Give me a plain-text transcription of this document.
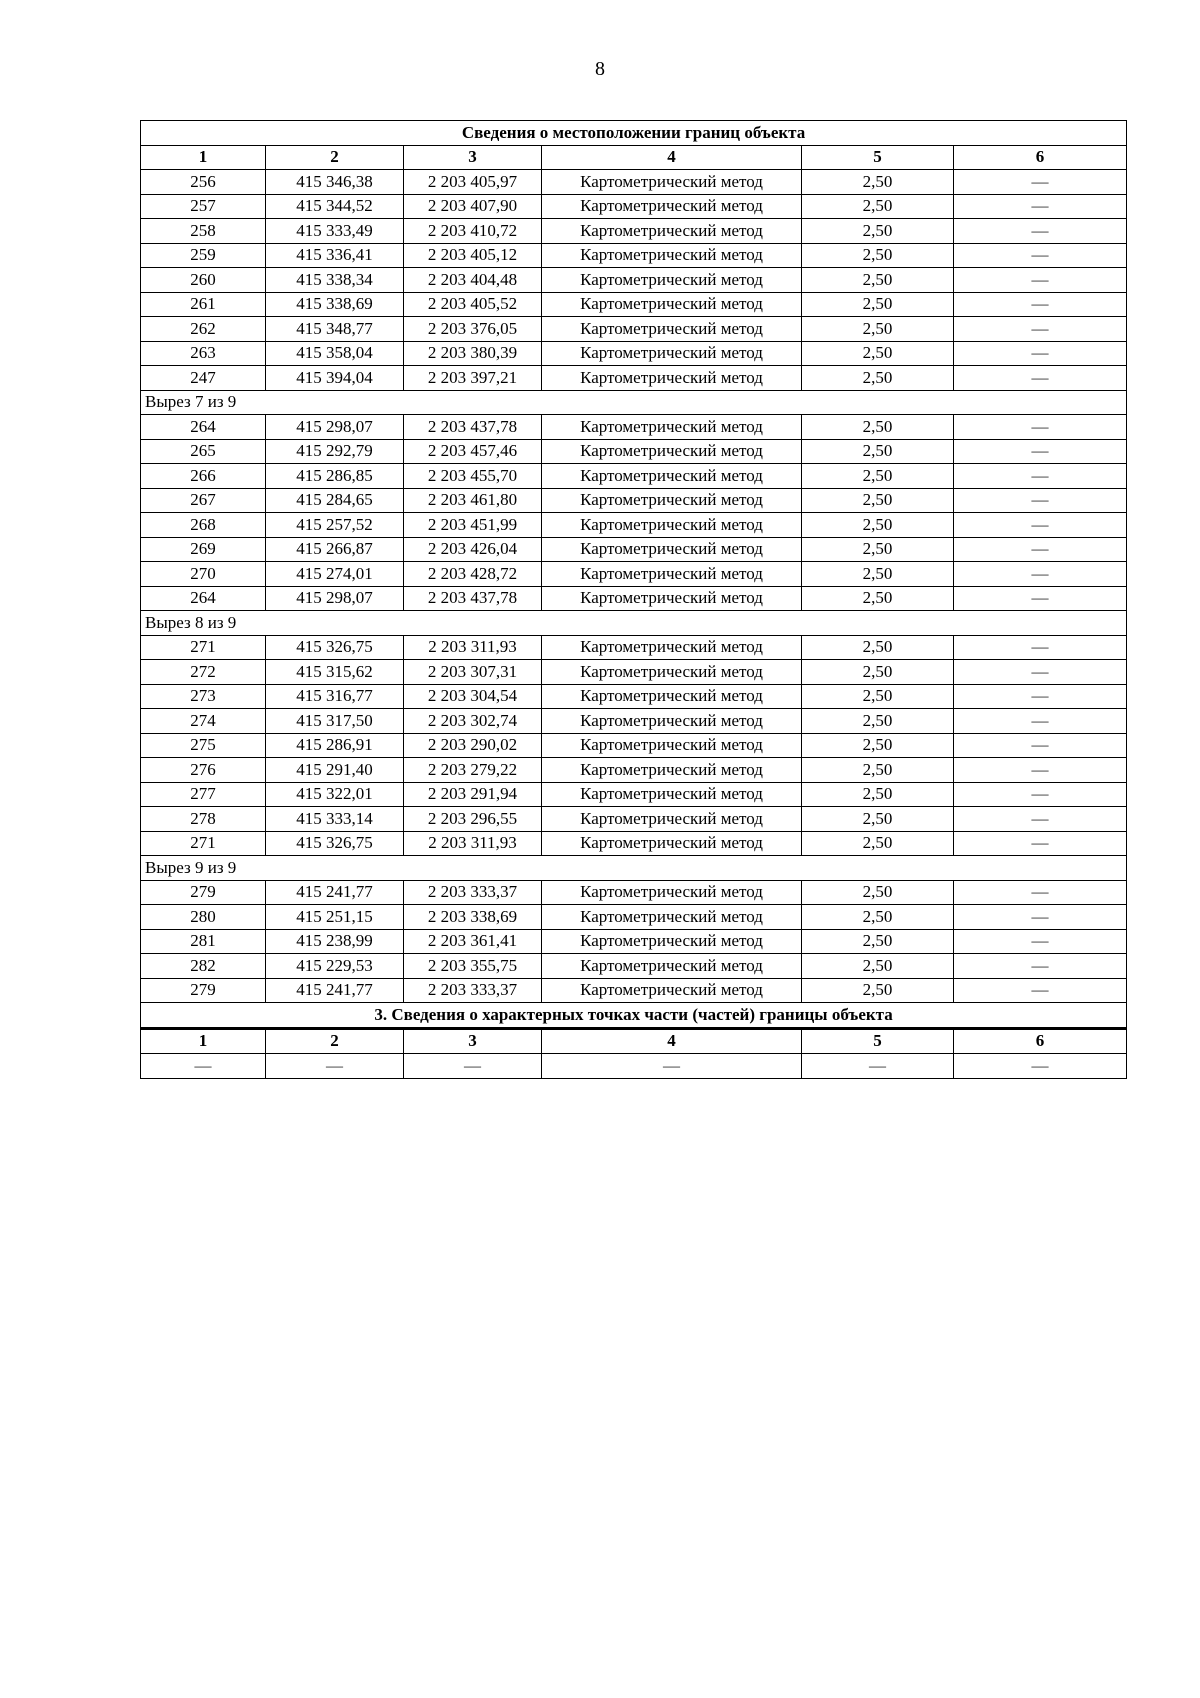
8
Сведения о местоположении границ объекта					
1	2	3	4	5	6
256	415 346,38	2 203 405,97	Картометрический метод	2,50	—
257	415 344,52	2 203 407,90	Картометрический метод	2,50	—
258	415 333,49	2 203 410,72	Картометрический метод	2,50	—
259	415 336,41	2 203 405,12	Картометрический метод	2,50	—
260	415 338,34	2 203 404,48	Картометрический метод	2,50	—
261	415 338,69	2 203 405,52	Картометрический метод	2,50	—
262	415 348,77	2 203 376,05	Картометрический метод	2,50	—
263	415 358,04	2 203 380,39	Картометрический метод	2,50	—
247	415 394,04	2 203 397,21	Картометрический метод	2,50	—
Вырез 7 из 9					
264	415 298,07	2 203 437,78	Картометрический метод	2,50	—
265	415 292,79	2 203 457,46	Картометрический метод	2,50	—
266	415 286,85	2 203 455,70	Картометрический метод	2,50	—
267	415 284,65	2 203 461,80	Картометрический метод	2,50	—
268	415 257,52	2 203 451,99	Картометрический метод	2,50	—
269	415 266,87	2 203 426,04	Картометрический метод	2,50	—
270	415 274,01	2 203 428,72	Картометрический метод	2,50	—
264	415 298,07	2 203 437,78	Картометрический метод	2,50	—
Вырез 8 из 9					
271	415 326,75	2 203 311,93	Картометрический метод	2,50	—
272	415 315,62	2 203 307,31	Картометрический метод	2,50	—
273	415 316,77	2 203 304,54	Картометрический метод	2,50	—
274	415 317,50	2 203 302,74	Картометрический метод	2,50	—
275	415 286,91	2 203 290,02	Картометрический метод	2,50	—
276	415 291,40	2 203 279,22	Картометрический метод	2,50	—
277	415 322,01	2 203 291,94	Картометрический метод	2,50	—
278	415 333,14	2 203 296,55	Картометрический метод	2,50	—
271	415 326,75	2 203 311,93	Картометрический метод	2,50	—
Вырез 9 из 9					
279	415 241,77	2 203 333,37	Картометрический метод	2,50	—
280	415 251,15	2 203 338,69	Картометрический метод	2,50	—
281	415 238,99	2 203 361,41	Картометрический метод	2,50	—
282	415 229,53	2 203 355,75	Картометрический метод	2,50	—
279	415 241,77	2 203 333,37	Картометрический метод	2,50	—
3. Сведения о характерных точках части (частей) границы объекта					
1	2	3	4	5	6
—	—	—	—	—	—
